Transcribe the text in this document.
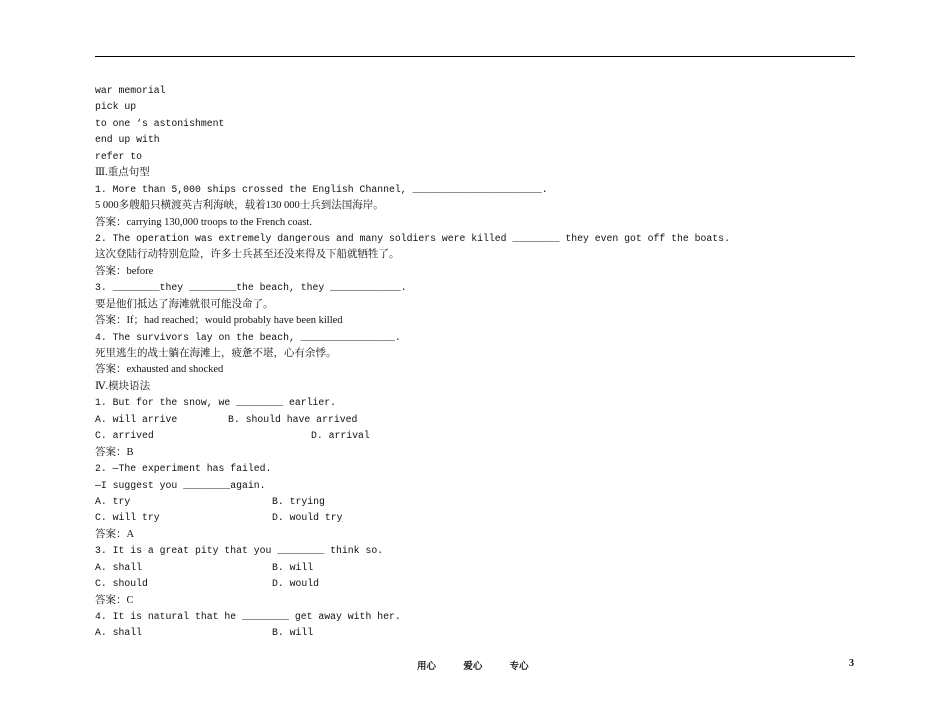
war memorial
pick up
to one ‘s astonishment
end up with
refer to
Ⅲ.重点句型
1. More than 5,000 ships crossed the English Channel, ______________________.
5 000多艘船只横渡英吉利海峡，载着130 000士兵到法国海岸。
答案：carrying 130,000 troops to the French coast.
2. The operation was extremely dangerous and many soldiers were killed ________ they even got off the boats.
这次登陆行动特别危险，许多士兵甚至还没来得及下船就牺牲了。
答案：before
3. ________they ________the beach, they ____________.
要是他们抵达了海滩就很可能没命了。
答案：If；had reached；would probably have been killed
4. The survivors lay on the beach, ________________.
死里逃生的战士躺在海滩上，疲惫不堪，心有余悸。
答案：exhausted and shocked
Ⅳ.模块语法
1. But for the snow, we ________ earlier.
A. will arrive	B. should have arrived
C. arrived	D. arrival
答案：B
2. —The experiment has failed.
—I suggest you ________again.
A. try	B. trying
C. will try	D. would try
答案：A
3. It is a great pity that you ________ think so.
A. shall	B. will
C. should	D. would
答案：C
4. It is natural that he ________ get away with her.
A. shall	B. will
用心	爱心	专心	3
